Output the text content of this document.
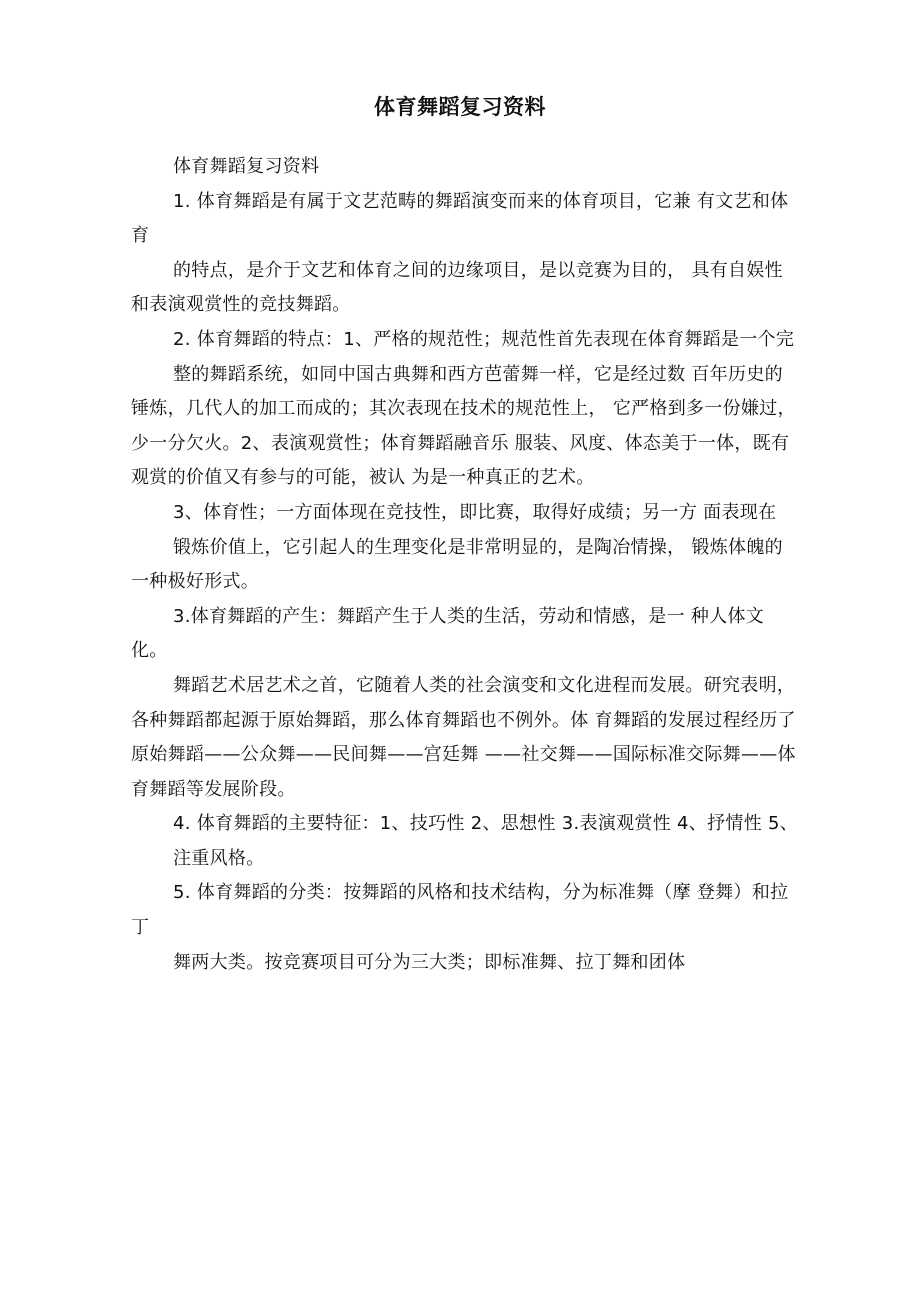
体育舞蹈复习资料

体育舞蹈复习资料

1. 体育舞蹈是有属于文艺范畴的舞蹈演变而来的体育项目，它兼 有文艺和体育

的特点，是介于文艺和体育之间的边缘项目，是以竞赛为目的， 具有自娱性和表演观赏性的竞技舞蹈。

2. 体育舞蹈的特点：1、严格的规范性；规范性首先表现在体育舞蹈是一个完

整的舞蹈系统，如同中国古典舞和西方芭蕾舞一样，它是经过数 百年历史的锤炼，几代人的加工而成的；其次表现在技术的规范性上， 它严格到多一份嫌过，少一分欠火。2、表演观赏性；体育舞蹈融音乐 服装、风度、体态美于一体，既有观赏的价值又有参与的可能，被认 为是一种真正的艺术。

3、体育性；一方面体现在竞技性，即比赛，取得好成绩；另一方 面表现在

锻炼价值上，它引起人的生理变化是非常明显的，是陶冶情操， 锻炼体魄的一种极好形式。

3.体育舞蹈的产生：舞蹈产生于人类的生活，劳动和情感，是一 种人体文化。

舞蹈艺术居艺术之首，它随着人类的社会演变和文化进程而发展。研究表明，各种舞蹈都起源于原始舞蹈，那么体育舞蹈也不例外。体 育舞蹈的发展过程经历了原始舞蹈——公众舞——民间舞——宫廷舞 ——社交舞——国际标准交际舞——体育舞蹈等发展阶段。

4. 体育舞蹈的主要特征：1、技巧性 2、思想性 3.表演观赏性 4、抒情性 5、

注重风格。

5. 体育舞蹈的分类：按舞蹈的风格和技术结构，分为标准舞（摩 登舞）和拉丁

舞两大类。按竞赛项目可分为三大类；即标准舞、拉丁舞和团体
